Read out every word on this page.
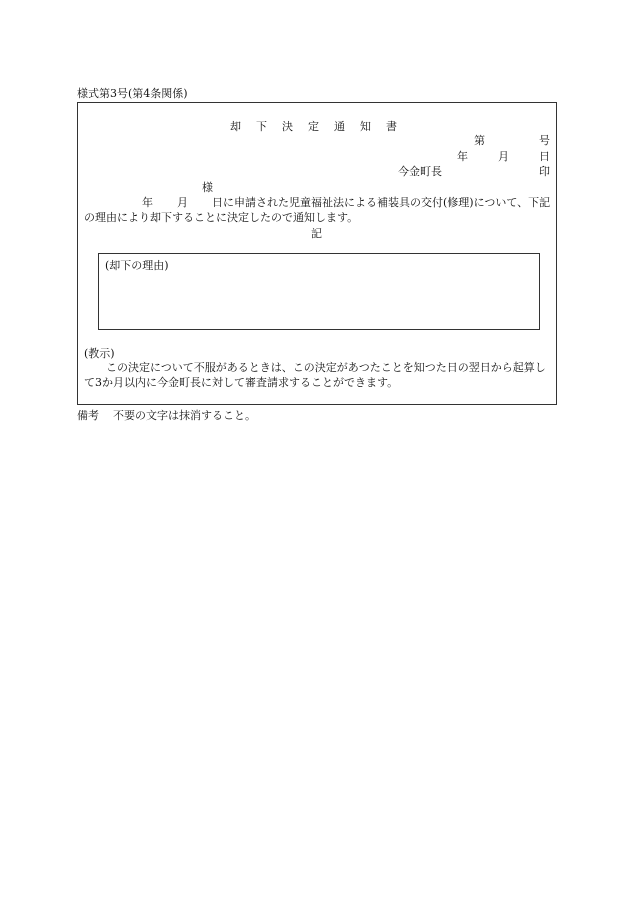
様式第3号(第4条関係)
却 下 決 定 通 知 書
第	号
年	月	日
今金町長	印
様
年 月 日に申請された児童福祉法による補装具の交付(修理)について、下記の理由により却下することに決定したので通知します。
記
(却下の理由)
(教示)
この決定について不服があるときは、この決定があつたことを知つた日の翌日から起算して3か月以内に今金町長に対して審査請求することができます。
備考 不要の文字は抹消すること。
